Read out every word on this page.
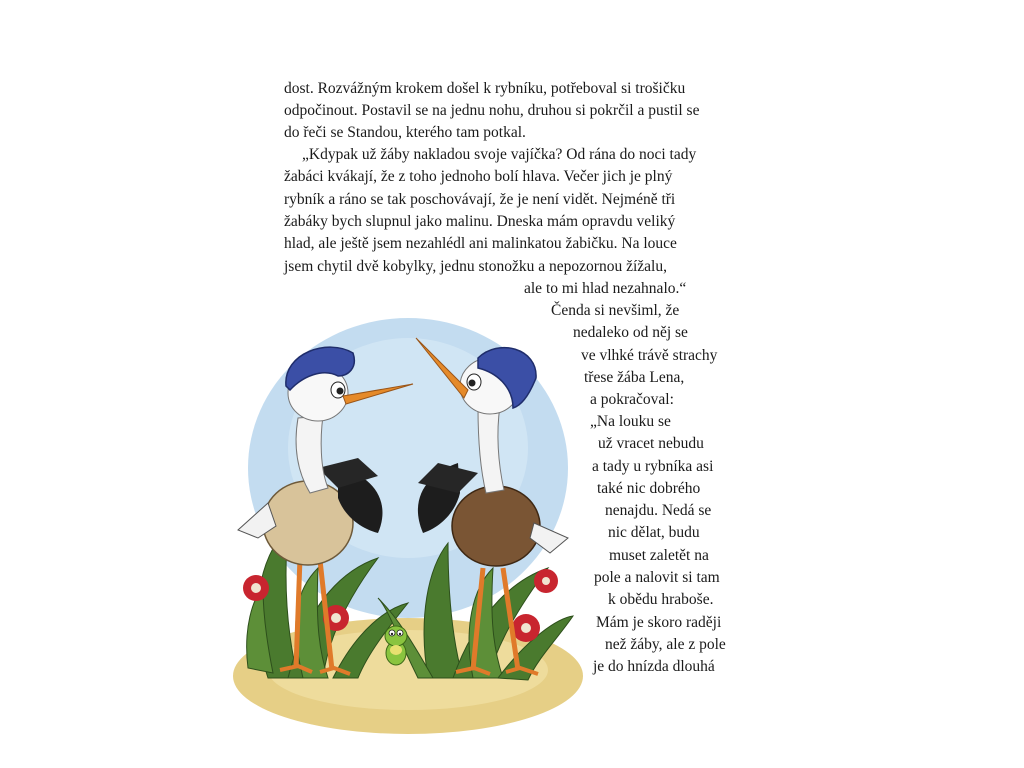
dost. Rozvážným krokem došel k rybníku, potřeboval si trošičku
odpočinout. Postavil se na jednu nohu, druhou si pokrčil a pustil se
do řeči se Standou, kterého tam potkal.
„Kdypak už žáby nakladou svoje vajíčka? Od rána do noci tady
žabáci kvákají, že z toho jednoho bolí hlava. Večer jich je plný
rybník a ráno se tak poschovávají, že je není vidět. Nejméně tři
žabáky bych slupnul jako malinu. Dneska mám opravdu veliký
hlad, ale ještě jsem nezahlédl ani malinkatou žabičku. Na louce
jsem chytil dvě kobylky, jednu stonožku a nepozornou žížalu,
ale to mi hlad nezahnalo.“
Čenda si nevšiml, že
nedaleko od něj se
ve vlhké trávě strachy
třese žába Lena,
a pokračoval:
„Na louku se
už vracet nebudu
a tady u rybníka asi
také nic dobrého
nenajdu. Nedá se
nic dělat, budu
muset zaletět na
pole a nalovit si tam
k obědu hraboše.
Mám je skoro raději
než žáby, ale z pole
je do hnízda dlouhá
